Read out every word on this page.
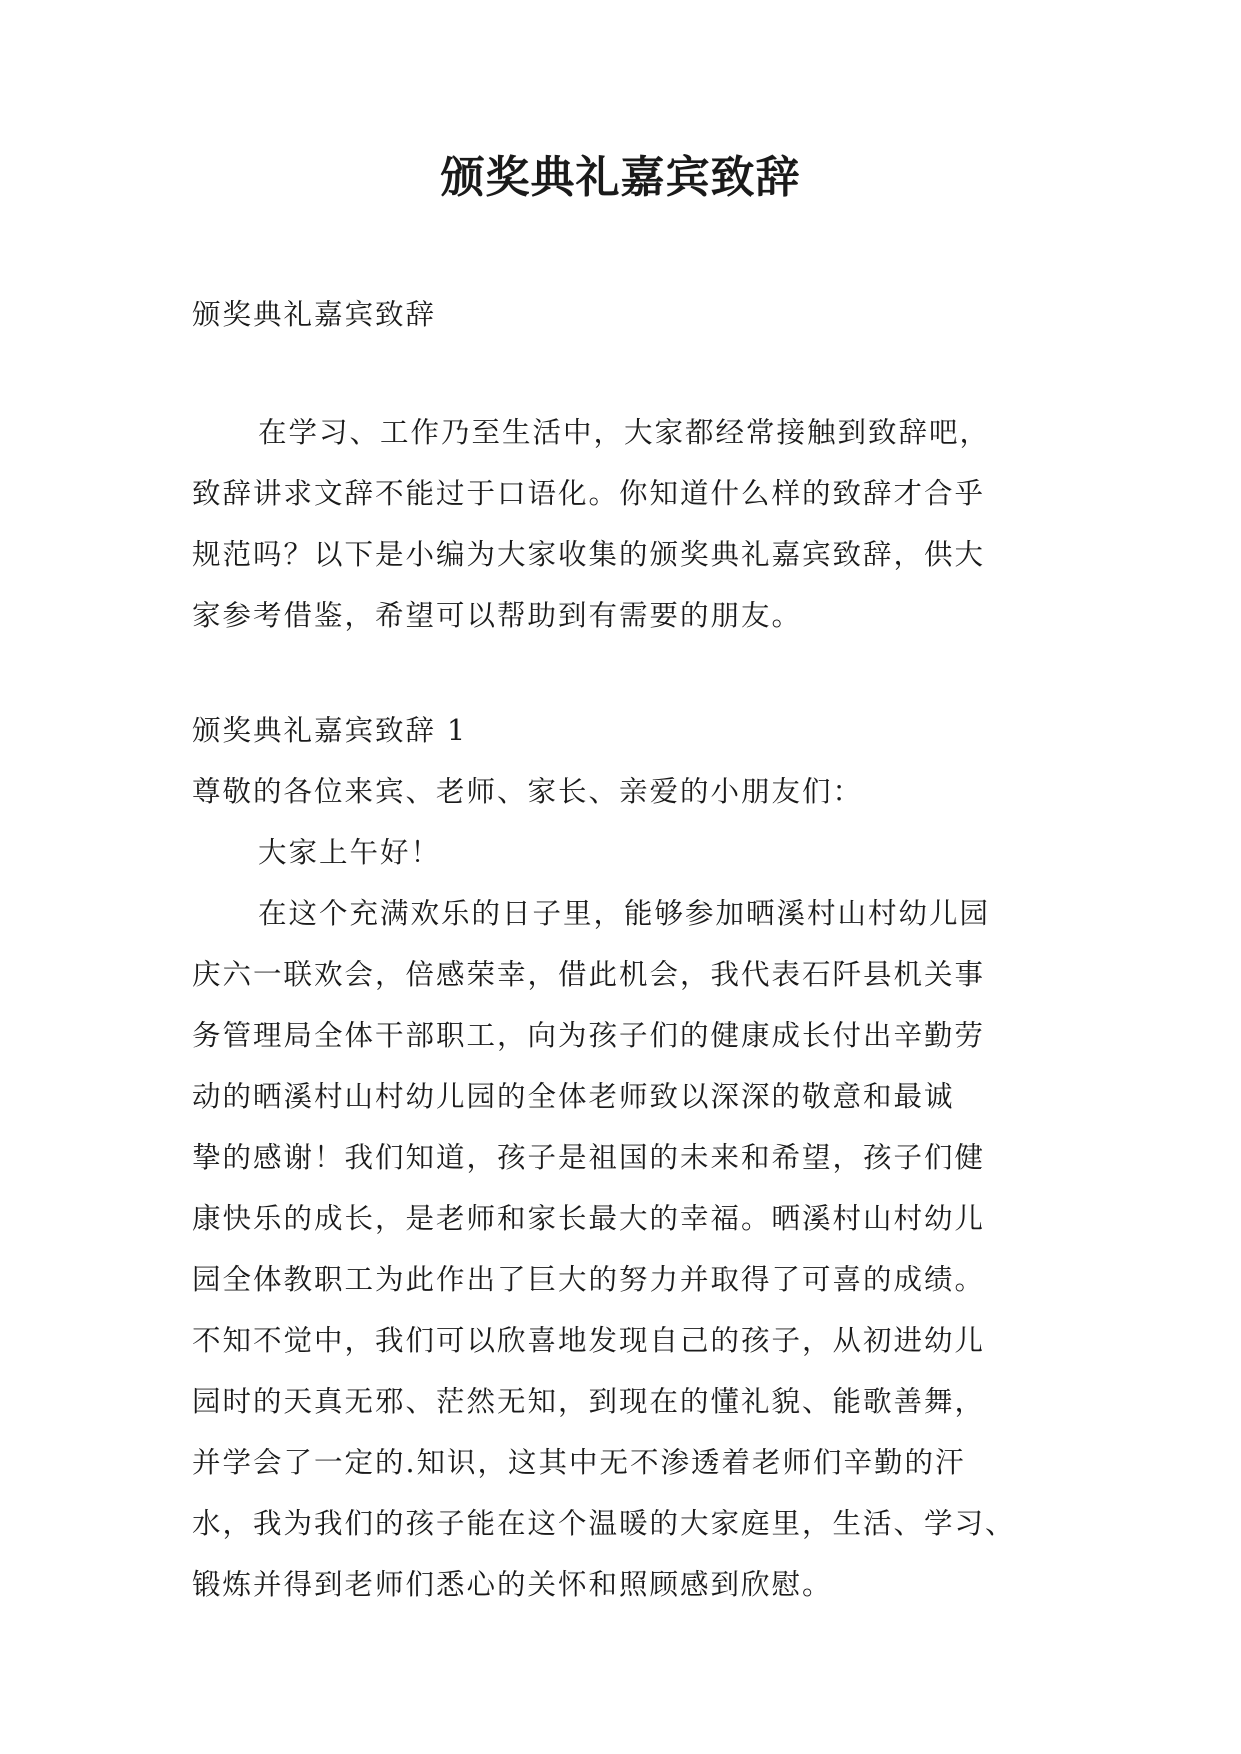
颁奖典礼嘉宾致辞
颁奖典礼嘉宾致辞
在学习、工作乃至生活中，大家都经常接触到致辞吧，
致辞讲求文辞不能过于口语化。你知道什么样的致辞才合乎
规范吗？以下是小编为大家收集的颁奖典礼嘉宾致辞，供大
家参考借鉴，希望可以帮助到有需要的朋友。
颁奖典礼嘉宾致辞 1
尊敬的各位来宾、老师、家长、亲爱的小朋友们：
大家上午好！
在这个充满欢乐的日子里，能够参加晒溪村山村幼儿园
庆六一联欢会，倍感荣幸，借此机会，我代表石阡县机关事
务管理局全体干部职工，向为孩子们的健康成长付出辛勤劳
动的晒溪村山村幼儿园的全体老师致以深深的敬意和最诚
挚的感谢！我们知道，孩子是祖国的未来和希望，孩子们健
康快乐的成长，是老师和家长最大的幸福。晒溪村山村幼儿
园全体教职工为此作出了巨大的努力并取得了可喜的成绩。
不知不觉中，我们可以欣喜地发现自己的孩子，从初进幼儿
园时的天真无邪、茫然无知，到现在的懂礼貌、能歌善舞，
并学会了一定的.知识，这其中无不渗透着老师们辛勤的汗
水，我为我们的孩子能在这个温暖的大家庭里，生活、学习、
锻炼并得到老师们悉心的关怀和照顾感到欣慰。
